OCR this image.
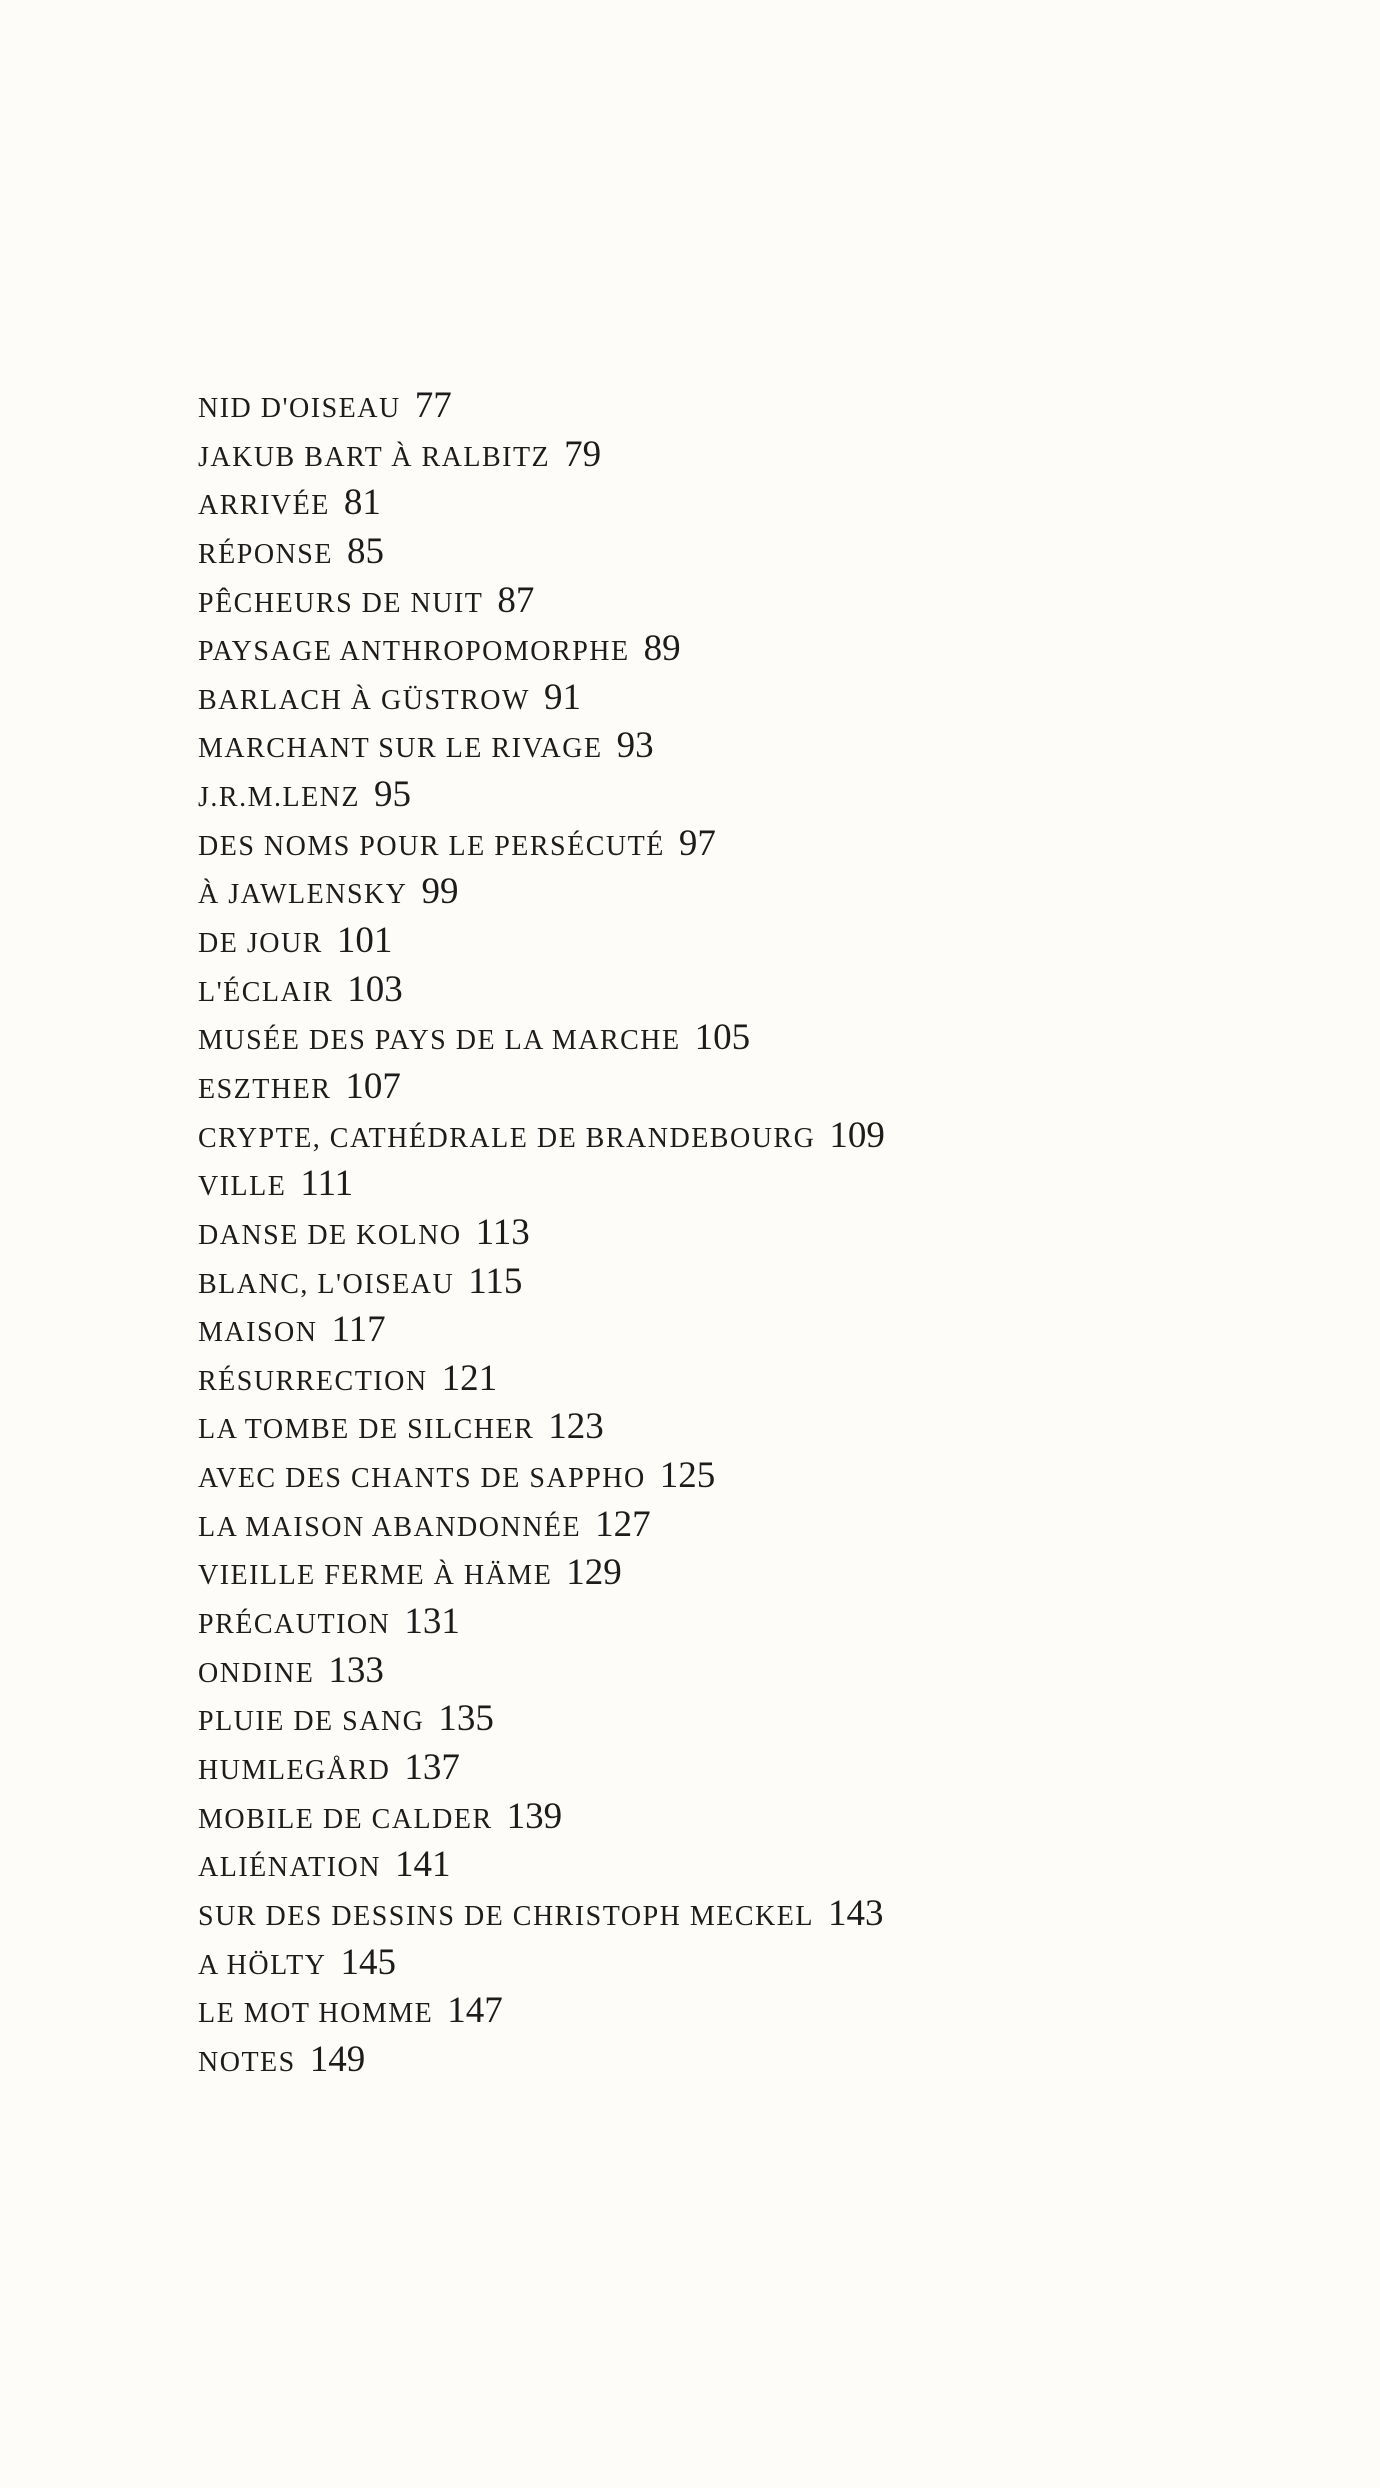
NID D'OISEAU 77
JAKUB BART À RALBITZ 79
ARRIVÉE 81
RÉPONSE 85
PÊCHEURS DE NUIT 87
PAYSAGE ANTHROPOMORPHE 89
BARLACH À GÜSTROW 91
MARCHANT SUR LE RIVAGE 93
J.R.M.LENZ 95
DES NOMS POUR LE PERSÉCUTÉ 97
À JAWLENSKY 99
DE JOUR 101
L'ÉCLAIR 103
MUSÉE DES PAYS DE LA MARCHE 105
ESZTHER 107
CRYPTE, CATHÉDRALE DE BRANDEBOURG 109
VILLE 111
DANSE DE KOLNO 113
BLANC, L'OISEAU 115
MAISON 117
RÉSURRECTION 121
LA TOMBE DE SILCHER 123
AVEC DES CHANTS DE SAPPHO 125
LA MAISON ABANDONNÉE 127
VIEILLE FERME À HÄME 129
PRÉCAUTION 131
ONDINE 133
PLUIE DE SANG 135
HUMLEGÅRD 137
MOBILE DE CALDER 139
ALIÉNATION 141
SUR DES DESSINS DE CHRISTOPH MECKEL 143
A HÖLTY 145
LE MOT HOMME 147
NOTES 149
